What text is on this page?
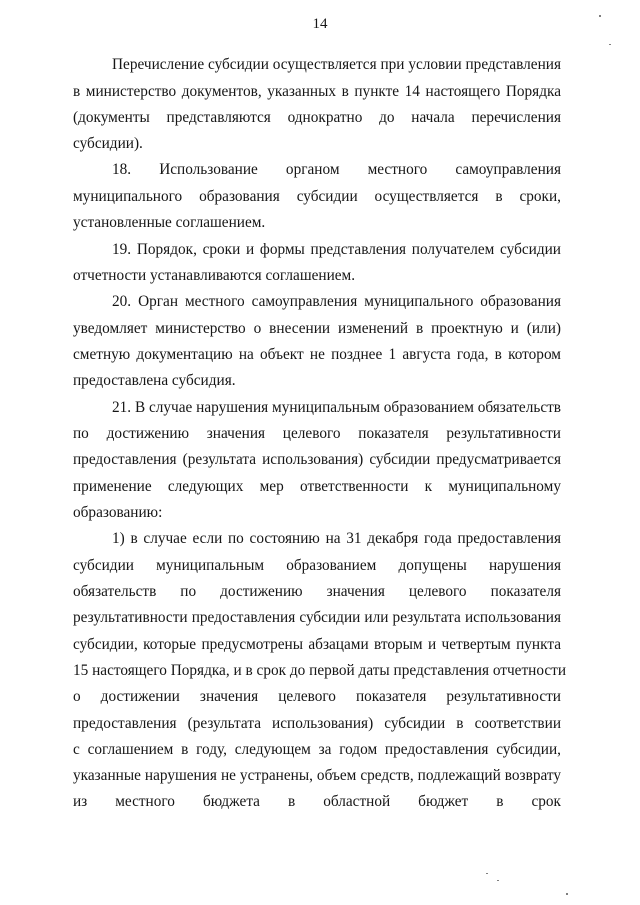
14
Перечисление субсидии осуществляется при условии представления
в министерство документов, указанных в пункте 14 настоящего Порядка
(документы представляются однократно до начала перечисления
субсидии).
18. Использование органом местного самоуправления
муниципального образования субсидии осуществляется в сроки,
установленные соглашением.
19. Порядок, сроки и формы представления получателем субсидии
отчетности устанавливаются соглашением.
20. Орган местного самоуправления муниципального образования
уведомляет министерство о внесении изменений в проектную и (или)
сметную документацию на объект не позднее 1 августа года, в котором
предоставлена субсидия.
21. В случае нарушения муниципальным образованием обязательств
по достижению значения целевого показателя результативности
предоставления (результата использования) субсидии предусматривается
применение следующих мер ответственности к муниципальному
образованию:
1) в случае если по состоянию на 31 декабря года предоставления
субсидии муниципальным образованием допущены нарушения
обязательств по достижению значения целевого показателя
результативности предоставления субсидии или результата использования
субсидии, которые предусмотрены абзацами вторым и четвертым пункта
15 настоящего Порядка, и в срок до первой даты представления отчетности
о достижении значения целевого показателя результативности
предоставления (результата использования) субсидии в соответствии
с соглашением в году, следующем за годом предоставления субсидии,
указанные нарушения не устранены, объем средств, подлежащий возврату
из местного бюджета в областной бюджет в срок
